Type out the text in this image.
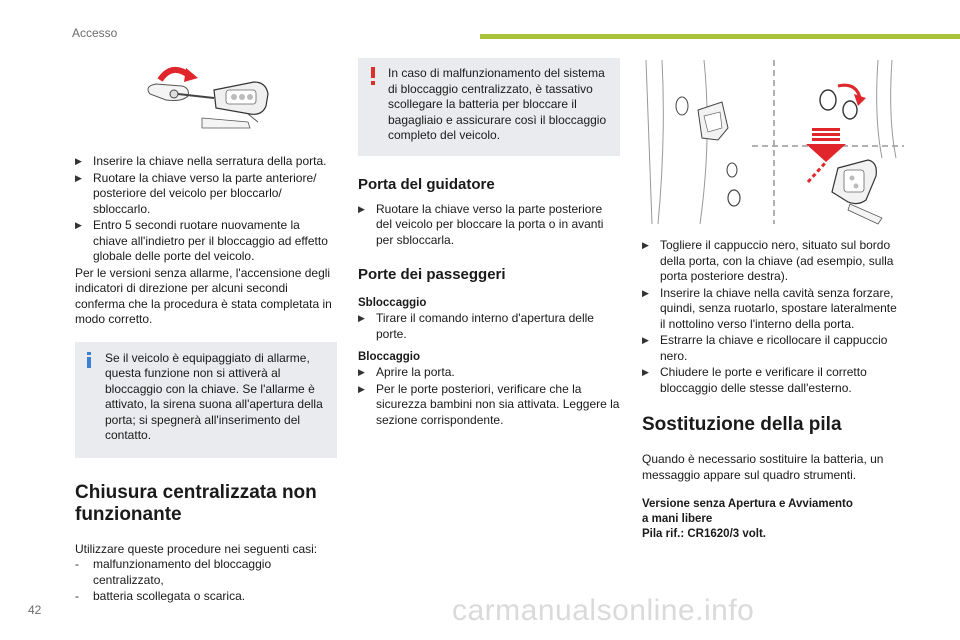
Accesso
▶ Inserire la chiave nella serratura della porta.
▶ Ruotare la chiave verso la parte anteriore/ posteriore del veicolo per bloccarlo/ sbloccarlo.
▶ Entro 5 secondi ruotare nuovamente la chiave all'indietro per il bloccaggio ad effetto globale delle porte del veicolo.

Per le versioni senza allarme, l'accensione degli indicatori di direzione per alcuni secondi conferma che la procedura è stata completata in modo corretto.

Se il veicolo è equipaggiato di allarme, questa funzione non si attiverà al bloccaggio con la chiave. Se l'allarme è attivato, la sirena suona all'apertura della porta; si spegnerà all'inserimento del contatto.

Chiusura centralizzata non funzionante

Utilizzare queste procedure nei seguenti casi:

- malfunzionamento del bloccaggio centralizzato,
- batteria scollegata o scarica.

In caso di malfunzionamento del sistema di bloccaggio centralizzato, è tassativo scollegare la batteria per bloccare il bagagliaio e assicurare così il bloccaggio completo del veicolo.

Porta del guidatore
▶ Ruotare la chiave verso la parte posteriore del veicolo per bloccare la porta o in avanti per sbloccarla.
Porte dei passeggeri
Sbloccaggio
▶ Tirare il comando interno d'apertura delle porte.
Bloccaggio
▶ Aprire la porta.
▶ Per le porte posteriori, verificare che la sicurezza bambini non sia attivata. Leggere la sezione corrispondente.
▶ Togliere il cappuccio nero, situato sul bordo della porta, con la chiave (ad esempio, sulla porta posteriore destra).
▶ Inserire la chiave nella cavità senza forzare, quindi, senza ruotarlo, spostare lateralmente il nottolino verso l'interno della porta.
▶ Estrarre la chiave e ricollocare il cappuccio nero.
▶ Chiudere le porte e verificare il corretto bloccaggio delle stesse dall'esterno.
Sostituzione della pila

Quando è necessario sostituire la batteria, un messaggio appare sul quadro strumenti.

Versione senza Apertura e Avviamento
a mani libere
Pila rif.: CR1620/3 volt.
42	carmanualsonline.info
